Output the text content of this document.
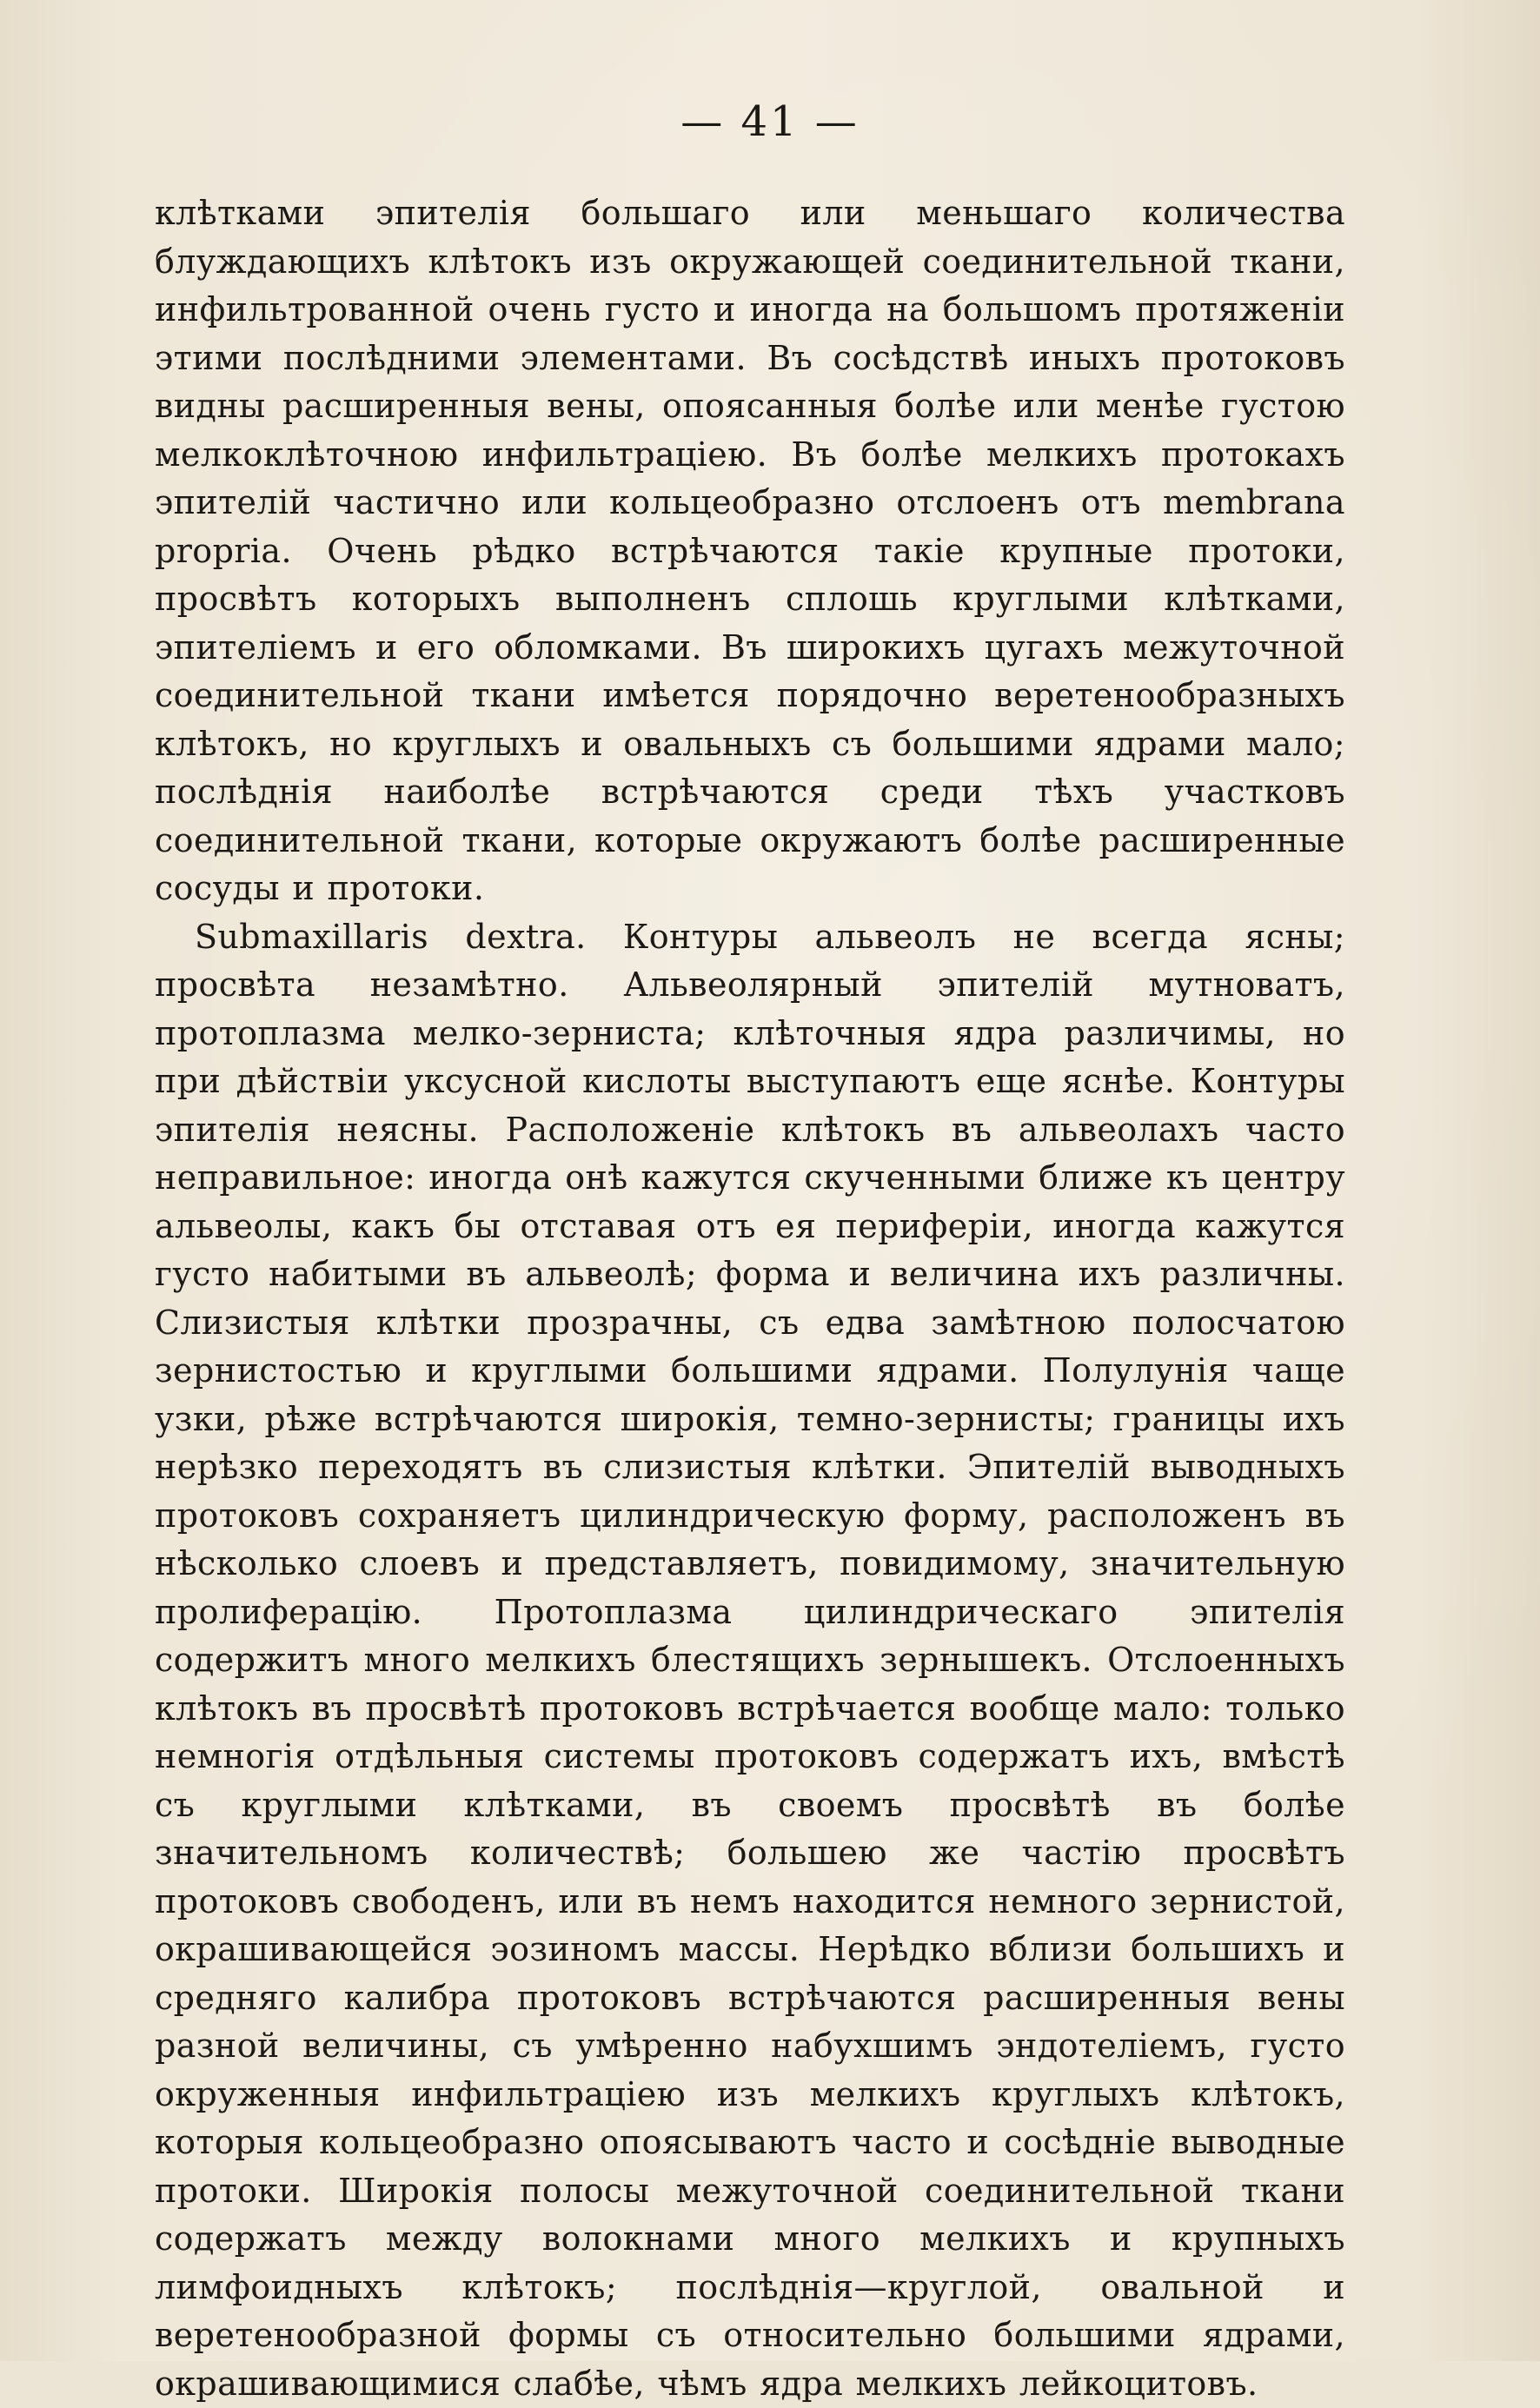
— 41 —

клѣтками эпителія большаго или меньшаго количества блуждающихъ клѣтокъ изъ окружающей соединительной ткани, инфильтрованной очень густо и иногда на большомъ протяженіи этими послѣдними элементами. Въ сосѣдствѣ иныхъ протоковъ видны расширенныя вены, опоясанныя болѣе или менѣе густою мелкоклѣточною инфильтраціею. Въ болѣе мелкихъ протокахъ эпителій частично или кольцеобразно отслоенъ отъ membrana propria. Очень рѣдко встрѣчаются такіе крупные протоки, просвѣтъ которыхъ выполненъ сплошь круглыми клѣтками, эпителіемъ и его обломками. Въ широкихъ цугахъ межуточной соединительной ткани имѣется порядочно веретенообразныхъ клѣтокъ, но круглыхъ и овальныхъ съ большими ядрами мало; послѣднія наиболѣе встрѣчаются среди тѣхъ участковъ соединительной ткани, которые окружаютъ болѣе расширенные сосуды и протоки.

Submaxillaris dextra. Контуры альвеолъ не всегда ясны; просвѣта незамѣтно. Альвеолярный эпителій мутноватъ, протоплазма мелко-зерниста; клѣточныя ядра различимы, но при дѣйствіи уксусной кислоты выступаютъ еще яснѣе. Контуры эпителія неясны. Расположеніе клѣтокъ въ альвеолахъ часто неправильное: иногда онѣ кажутся скученными ближе къ центру альвеолы, какъ бы отставая отъ ея периферіи, иногда кажутся густо набитыми въ альвеолѣ; форма и величина ихъ различны. Слизистыя клѣтки прозрачны, съ едва замѣтною полосчатою зернистостью и круглыми большими ядрами. Полулунія чаще узки, рѣже встрѣчаются широкія, темно-зернисты; границы ихъ нерѣзко переходятъ въ слизистыя клѣтки. Эпителій выводныхъ протоковъ сохраняетъ цилиндрическую форму, расположенъ въ нѣсколько слоевъ и представляетъ, повидимому, значительную пролиферацію. Протоплазма цилиндрическаго эпителія содержитъ много мелкихъ блестящихъ зернышекъ. Отслоенныхъ клѣтокъ въ просвѣтѣ протоковъ встрѣчается вообще мало: только немногія отдѣльныя системы протоковъ содержатъ ихъ, вмѣстѣ съ круглыми клѣтками, въ своемъ просвѣтѣ въ болѣе значительномъ количествѣ; большею же частію просвѣтъ протоковъ свободенъ, или въ немъ находится немного зернистой, окрашивающейся эозиномъ массы. Нерѣдко вблизи большихъ и средняго калибра протоковъ встрѣчаются расширенныя вены разной величины, съ умѣренно набухшимъ эндотеліемъ, густо окруженныя инфильтраціею изъ мелкихъ круглыхъ клѣтокъ, которыя кольцеобразно опоясываютъ часто и сосѣдніе выводные протоки. Широкія полосы межуточной соединительной ткани содержатъ между волокнами много мелкихъ и крупныхъ лимфоидныхъ клѣтокъ; послѣднія—круглой, овальной и веретенообразной формы съ относительно большими ядрами, окрашивающимися слабѣе, чѣмъ ядра мелкихъ лейкоцитовъ.
